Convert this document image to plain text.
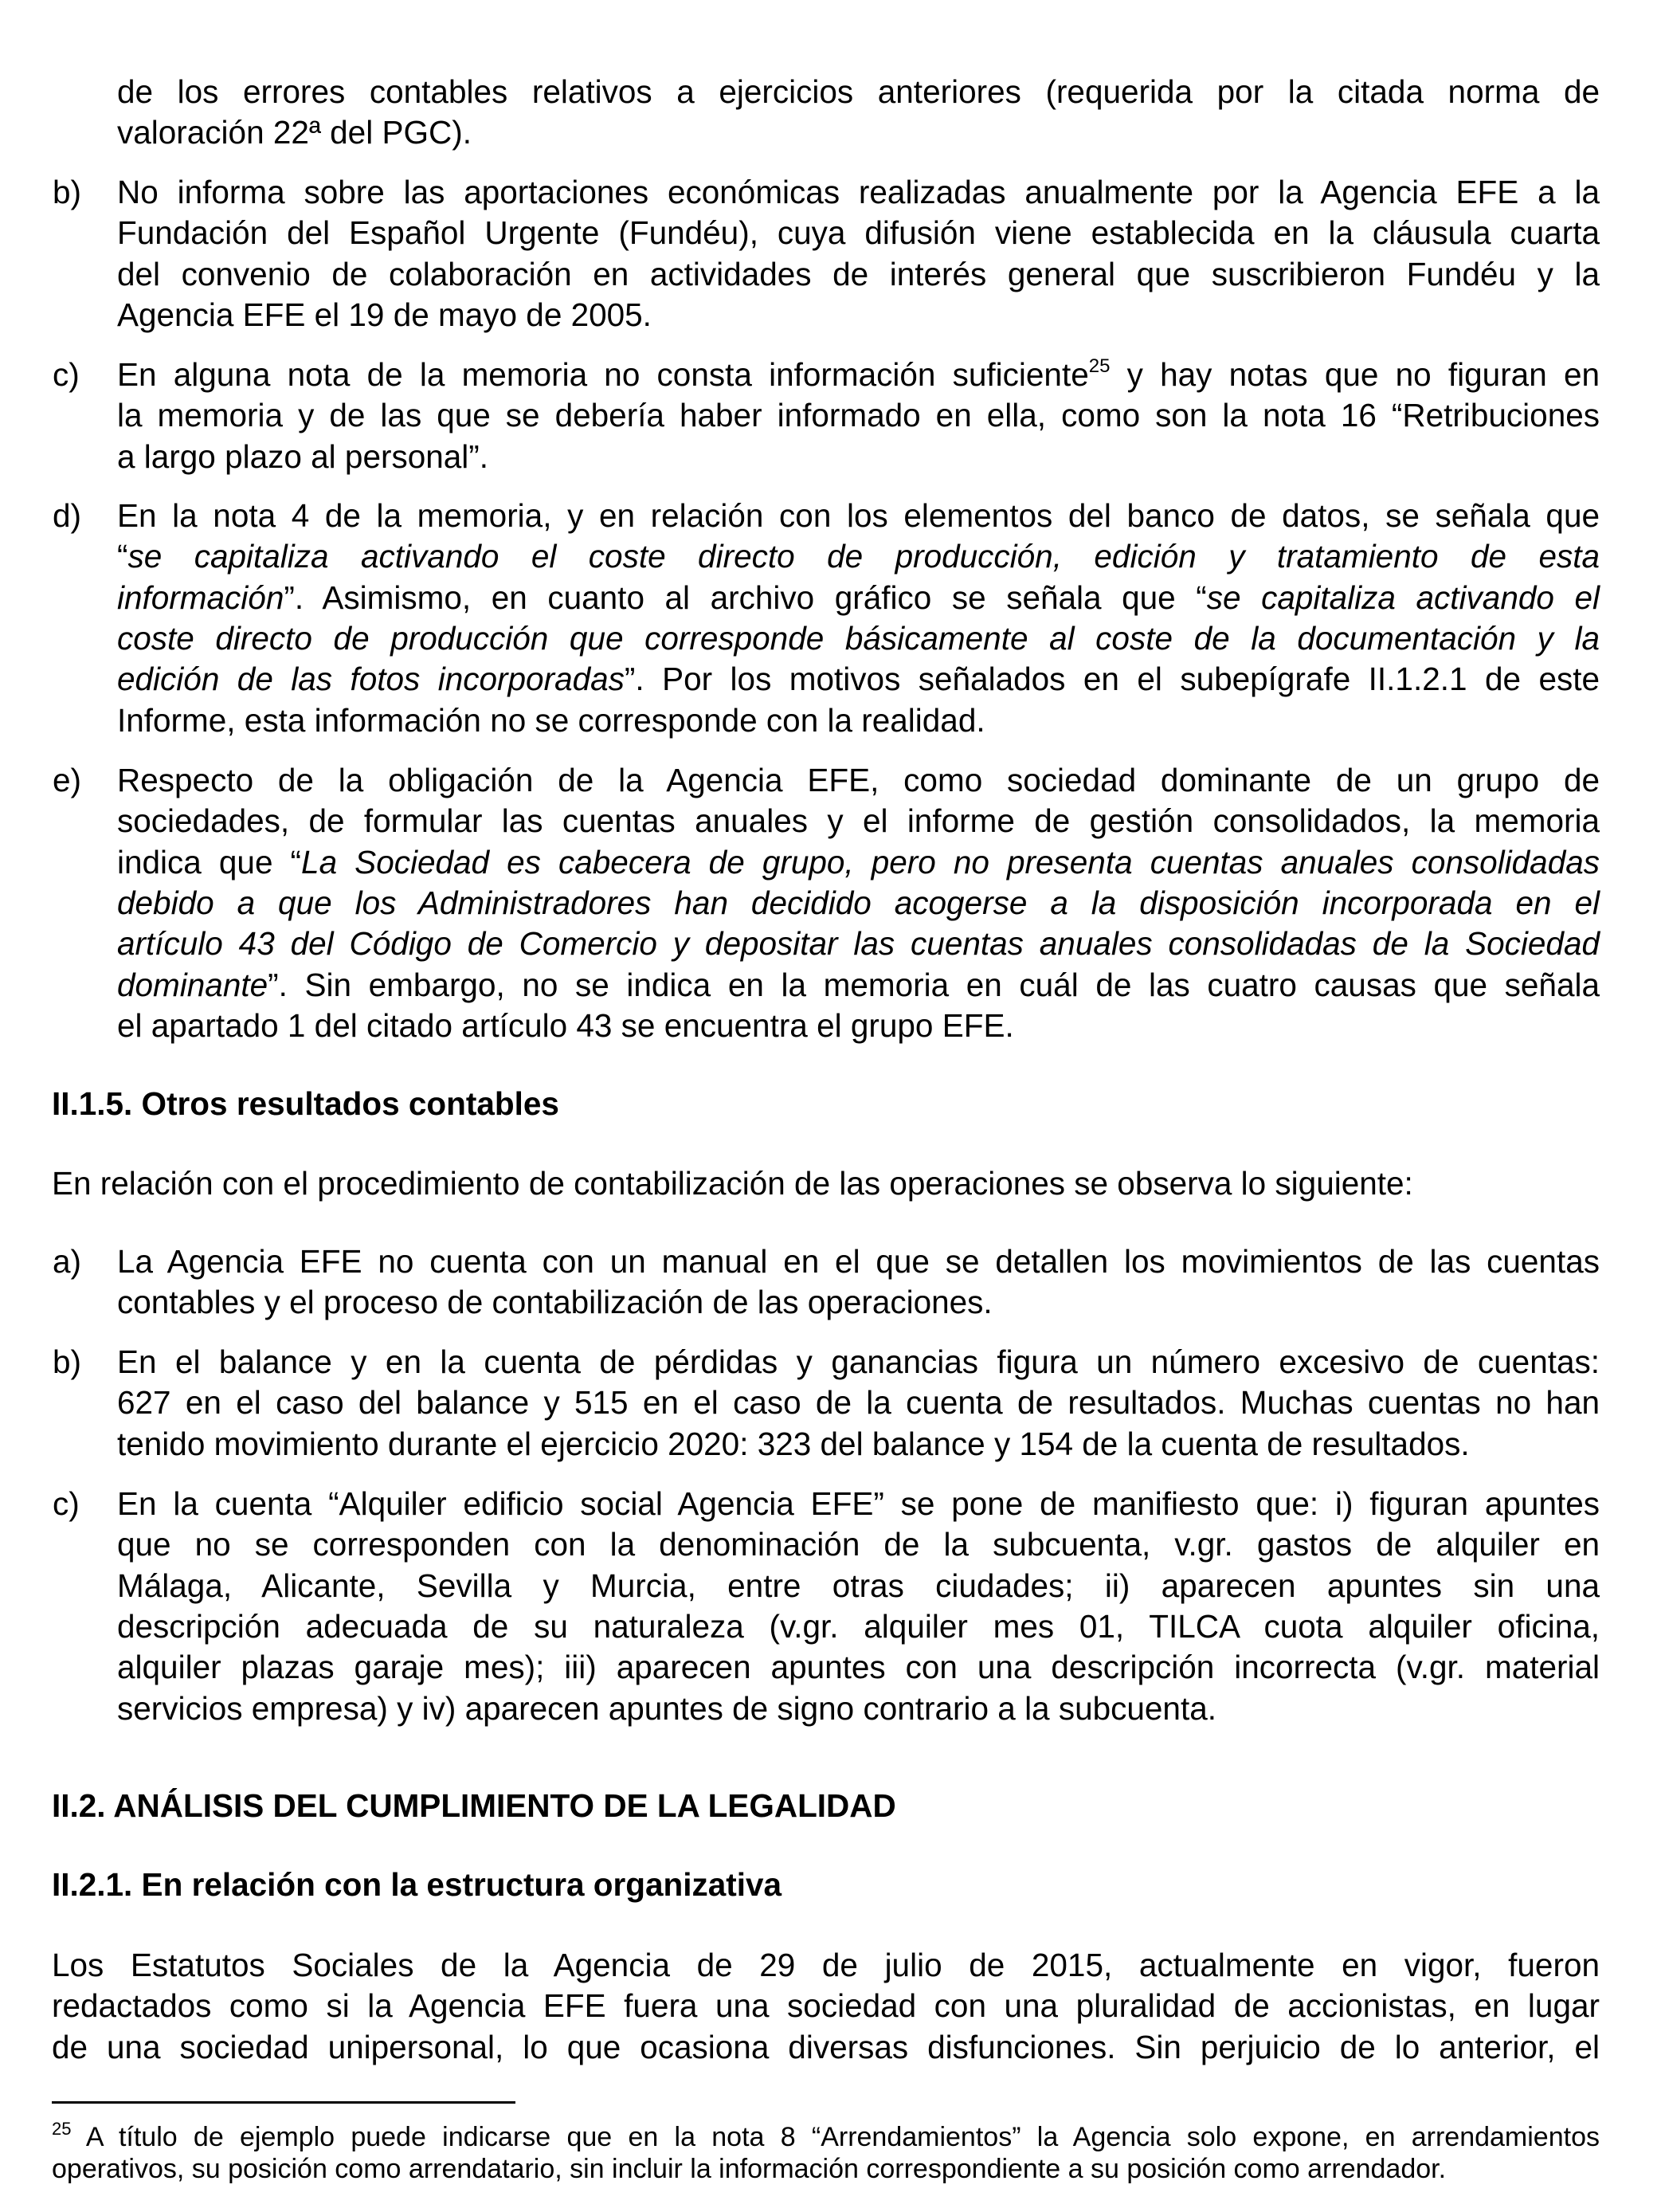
de los errores contables relativos a ejercicios anteriores (requerida por la citada norma de
valoración 22ª del PGC).
b) No informa sobre las aportaciones económicas realizadas anualmente por la Agencia EFE a la
Fundación del Español Urgente (Fundéu), cuya difusión viene establecida en la cláusula cuarta
del convenio de colaboración en actividades de interés general que suscribieron Fundéu y la
Agencia EFE el 19 de mayo de 2005.
c) En alguna nota de la memoria no consta información suficiente$^{25}$ y hay notas que no figuran en
la memoria y de las que se debería haber informado en ella, como son la nota 16 “Retribuciones
a largo plazo al personal”.
d) En la nota 4 de la memoria, y en relación con los elementos del banco de datos, se señala que
“se capitaliza activando el coste directo de producción, edición y tratamiento de esta
información”. Asimismo, en cuanto al archivo gráfico se señala que “se capitaliza activando el
coste directo de producción que corresponde básicamente al coste de la documentación y la
edición de las fotos incorporadas”. Por los motivos señalados en el subepígrafe II.1.2.1 de este
Informe, esta información no se corresponde con la realidad.
e) Respecto de la obligación de la Agencia EFE, como sociedad dominante de un grupo de
sociedades, de formular las cuentas anuales y el informe de gestión consolidados, la memoria
indica que “La Sociedad es cabecera de grupo, pero no presenta cuentas anuales consolidadas
debido a que los Administradores han decidido acogerse a la disposición incorporada en el
artículo 43 del Código de Comercio y depositar las cuentas anuales consolidadas de la Sociedad
dominante”. Sin embargo, no se indica en la memoria en cuál de las cuatro causas que señala
el apartado 1 del citado artículo 43 se encuentra el grupo EFE.
II.1.5. Otros resultados contables
En relación con el procedimiento de contabilización de las operaciones se observa lo siguiente:
a) La Agencia EFE no cuenta con un manual en el que se detallen los movimientos de las cuentas
contables y el proceso de contabilización de las operaciones.
b) En el balance y en la cuenta de pérdidas y ganancias figura un número excesivo de cuentas:
627 en el caso del balance y 515 en el caso de la cuenta de resultados. Muchas cuentas no han
tenido movimiento durante el ejercicio 2020: 323 del balance y 154 de la cuenta de resultados.
c) En la cuenta “Alquiler edificio social Agencia EFE” se pone de manifiesto que: i) figuran apuntes
que no se corresponden con la denominación de la subcuenta, v.gr. gastos de alquiler en
Málaga, Alicante, Sevilla y Murcia, entre otras ciudades; ii) aparecen apuntes sin una
descripción adecuada de su naturaleza (v.gr. alquiler mes 01, TILCA cuota alquiler oficina,
alquiler plazas garaje mes); iii) aparecen apuntes con una descripción incorrecta (v.gr. material
servicios empresa) y iv) aparecen apuntes de signo contrario a la subcuenta.
II.2. ANÁLISIS DEL CUMPLIMIENTO DE LA LEGALIDAD
II.2.1. En relación con la estructura organizativa
Los Estatutos Sociales de la Agencia de 29 de julio de 2015, actualmente en vigor, fueron
redactados como si la Agencia EFE fuera una sociedad con una pluralidad de accionistas, en lugar
de una sociedad unipersonal, lo que ocasiona diversas disfunciones. Sin perjuicio de lo anterior, el
$^{25}$ A título de ejemplo puede indicarse que en la nota 8 “Arrendamientos” la Agencia solo expone, en arrendamientos
operativos, su posición como arrendatario, sin incluir la información correspondiente a su posición como arrendador.
